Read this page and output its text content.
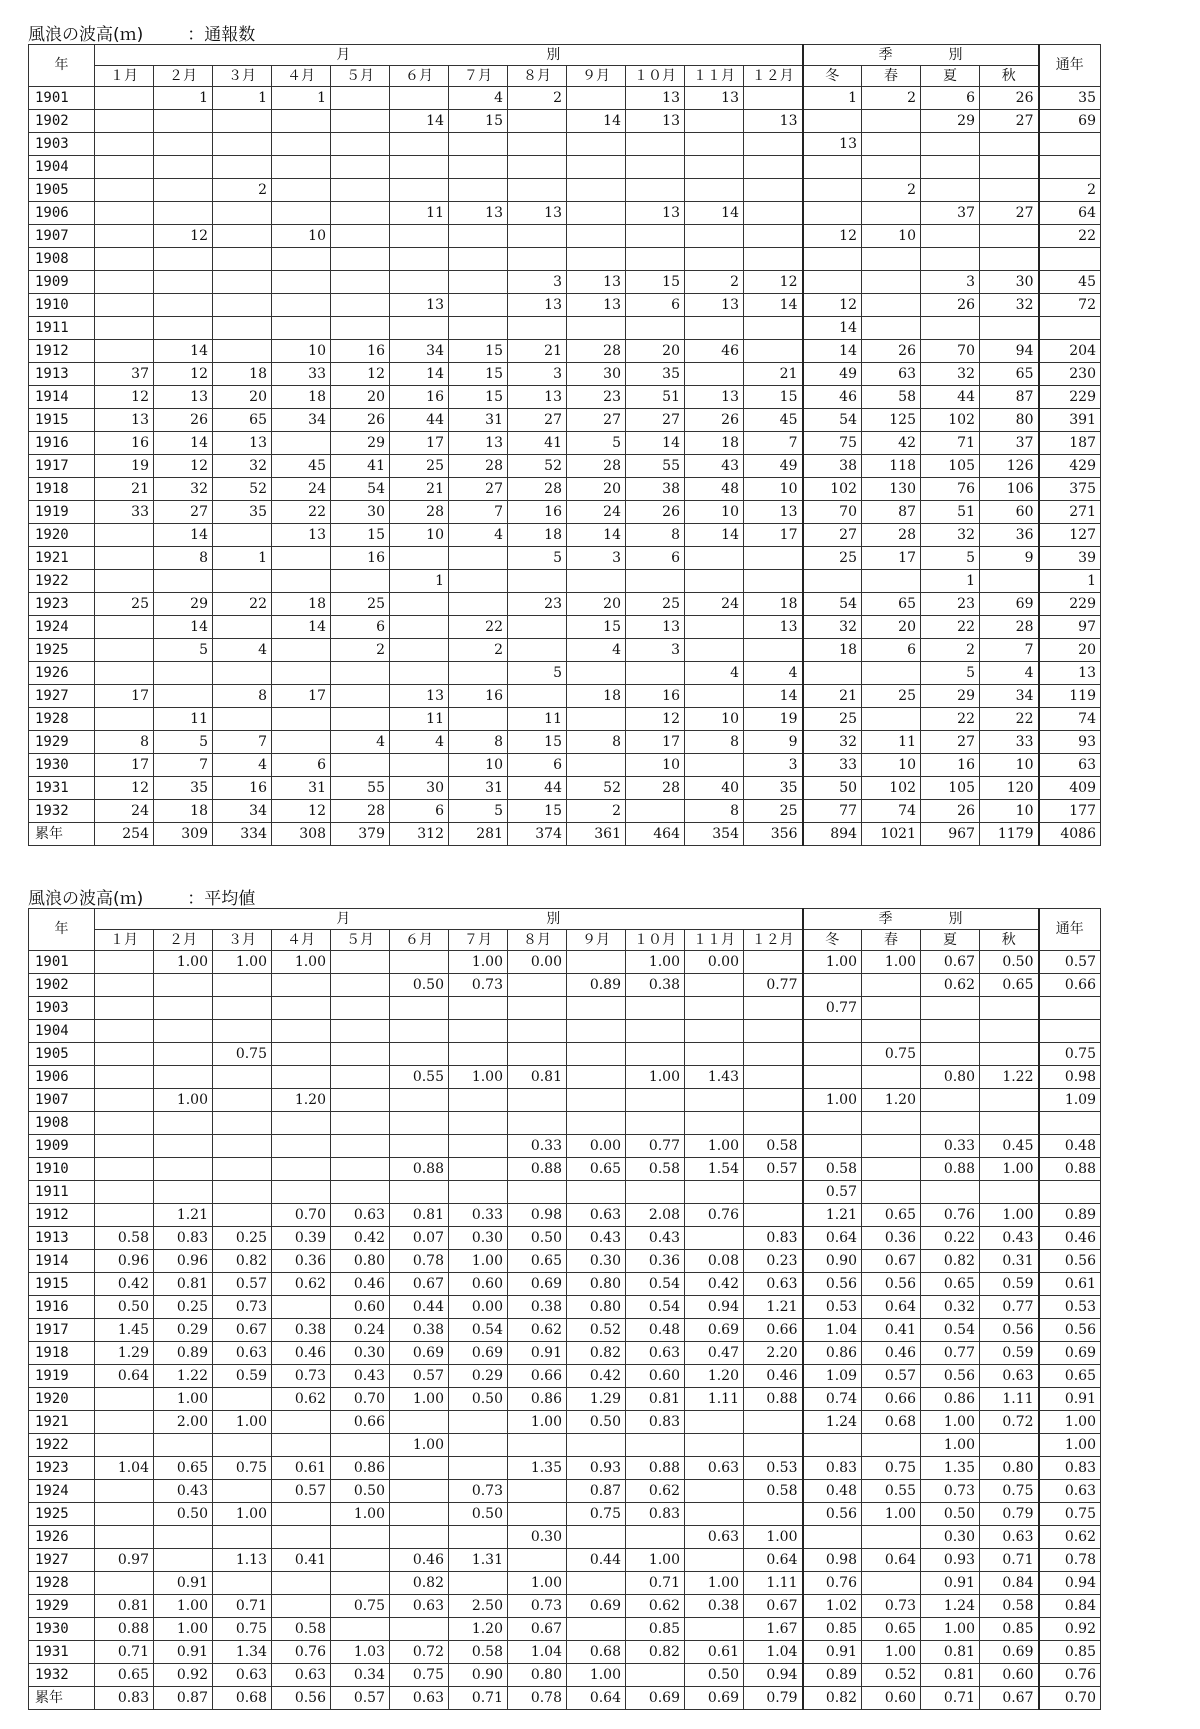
風浪の波高(ｍ)	：通報数
年	月　　　　　　　　　　　　　　別												季　　　　別				通年
	１月	２月	３月	４月	５月	６月	７月	８月	９月	１０月	１１月	１２月	冬	春	夏	秋	
1901		1	1	1			4	2		13	13		1	2	6	26	35
1902						14	15		14	13		13			29	27	69
1903													13				
1904																	
1905			2											2			2
1906						11	13	13		13	14				37	27	64
1907		12		10									12	10			22
1908																	
1909								3	13	15	2	12			3	30	45
1910						13		13	13	6	13	14	12		26	32	72
1911													14				
1912		14		10	16	34	15	21	28	20	46		14	26	70	94	204
1913	37	12	18	33	12	14	15	3	30	35		21	49	63	32	65	230
1914	12	13	20	18	20	16	15	13	23	51	13	15	46	58	44	87	229
1915	13	26	65	34	26	44	31	27	27	27	26	45	54	125	102	80	391
1916	16	14	13		29	17	13	41	5	14	18	7	75	42	71	37	187
1917	19	12	32	45	41	25	28	52	28	55	43	49	38	118	105	126	429
1918	21	32	52	24	54	21	27	28	20	38	48	10	102	130	76	106	375
1919	33	27	35	22	30	28	7	16	24	26	10	13	70	87	51	60	271
1920		14		13	15	10	4	18	14	8	14	17	27	28	32	36	127
1921		8	1		16			5	3	6			25	17	5	9	39
1922						1									1		1
1923	25	29	22	18	25			23	20	25	24	18	54	65	23	69	229
1924		14		14	6		22		15	13		13	32	20	22	28	97
1925		5	4		2		2		4	3			18	6	2	7	20
1926								5			4	4			5	4	13
1927	17		8	17		13	16		18	16		14	21	25	29	34	119
1928		11				11		11		12	10	19	25		22	22	74
1929	8	5	7		4	4	8	15	8	17	8	9	32	11	27	33	93
1930	17	7	4	6			10	6		10		3	33	10	16	10	63
1931	12	35	16	31	55	30	31	44	52	28	40	35	50	102	105	120	409
1932	24	18	34	12	28	6	5	15	2		8	25	77	74	26	10	177
累年	254	309	334	308	379	312	281	374	361	464	354	356	894	1021	967	1179	4086
風浪の波高(ｍ)	：平均値
年	月　　　　　　　　　　　　　　別												季　　　　別				通年
	１月	２月	３月	４月	５月	６月	７月	８月	９月	１０月	１１月	１２月	冬	春	夏	秋	
1901		1.00	1.00	1.00			1.00	0.00		1.00	0.00		1.00	1.00	0.67	0.50	0.57
1902						0.50	0.73		0.89	0.38		0.77			0.62	0.65	0.66
1903													0.77				
1904																	
1905			0.75											0.75			0.75
1906						0.55	1.00	0.81		1.00	1.43				0.80	1.22	0.98
1907		1.00		1.20									1.00	1.20			1.09
1908																	
1909								0.33	0.00	0.77	1.00	0.58			0.33	0.45	0.48
1910						0.88		0.88	0.65	0.58	1.54	0.57	0.58		0.88	1.00	0.88
1911													0.57				
1912		1.21		0.70	0.63	0.81	0.33	0.98	0.63	2.08	0.76		1.21	0.65	0.76	1.00	0.89
1913	0.58	0.83	0.25	0.39	0.42	0.07	0.30	0.50	0.43	0.43		0.83	0.64	0.36	0.22	0.43	0.46
1914	0.96	0.96	0.82	0.36	0.80	0.78	1.00	0.65	0.30	0.36	0.08	0.23	0.90	0.67	0.82	0.31	0.56
1915	0.42	0.81	0.57	0.62	0.46	0.67	0.60	0.69	0.80	0.54	0.42	0.63	0.56	0.56	0.65	0.59	0.61
1916	0.50	0.25	0.73		0.60	0.44	0.00	0.38	0.80	0.54	0.94	1.21	0.53	0.64	0.32	0.77	0.53
1917	1.45	0.29	0.67	0.38	0.24	0.38	0.54	0.62	0.52	0.48	0.69	0.66	1.04	0.41	0.54	0.56	0.56
1918	1.29	0.89	0.63	0.46	0.30	0.69	0.69	0.91	0.82	0.63	0.47	2.20	0.86	0.46	0.77	0.59	0.69
1919	0.64	1.22	0.59	0.73	0.43	0.57	0.29	0.66	0.42	0.60	1.20	0.46	1.09	0.57	0.56	0.63	0.65
1920		1.00		0.62	0.70	1.00	0.50	0.86	1.29	0.81	1.11	0.88	0.74	0.66	0.86	1.11	0.91
1921		2.00	1.00		0.66			1.00	0.50	0.83			1.24	0.68	1.00	0.72	1.00
1922						1.00									1.00		1.00
1923	1.04	0.65	0.75	0.61	0.86			1.35	0.93	0.88	0.63	0.53	0.83	0.75	1.35	0.80	0.83
1924		0.43		0.57	0.50		0.73		0.87	0.62		0.58	0.48	0.55	0.73	0.75	0.63
1925		0.50	1.00		1.00		0.50		0.75	0.83			0.56	1.00	0.50	0.79	0.75
1926								0.30			0.63	1.00			0.30	0.63	0.62
1927	0.97		1.13	0.41		0.46	1.31		0.44	1.00		0.64	0.98	0.64	0.93	0.71	0.78
1928		0.91				0.82		1.00		0.71	1.00	1.11	0.76		0.91	0.84	0.94
1929	0.81	1.00	0.71		0.75	0.63	2.50	0.73	0.69	0.62	0.38	0.67	1.02	0.73	1.24	0.58	0.84
1930	0.88	1.00	0.75	0.58			1.20	0.67		0.85		1.67	0.85	0.65	1.00	0.85	0.92
1931	0.71	0.91	1.34	0.76	1.03	0.72	0.58	1.04	0.68	0.82	0.61	1.04	0.91	1.00	0.81	0.69	0.85
1932	0.65	0.92	0.63	0.63	0.34	0.75	0.90	0.80	1.00		0.50	0.94	0.89	0.52	0.81	0.60	0.76
累年	0.83	0.87	0.68	0.56	0.57	0.63	0.71	0.78	0.64	0.69	0.69	0.79	0.82	0.60	0.71	0.67	0.70
